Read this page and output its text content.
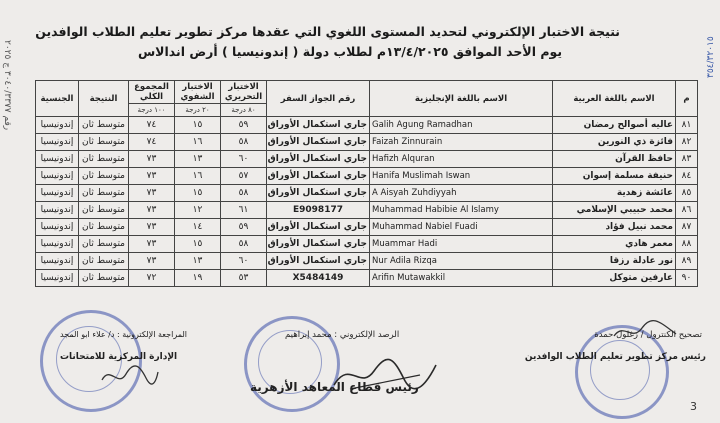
٣٥٤/٣٢٠١٥
رقم ٣٠٤٠/٣٣٧٧ ج ٢٠٢٥
نتيجة الاختبار الإلكتروني لتحديد المستوى اللغوي التي عقدها مركز تطوير تعليم الطلاب الوافدين
يوم الأحد الموافق ١٣/٤/٢٠٢٥م لطلاب دولة ( إندونيسيا ) أرض اندالاس
م	الاسم باللغة العربية	الاسم باللغة الإنجليزية	رقم الجواز السفر	الاختبار التحريري	الاختبار الشفوي	المجموع الكلي	النتيجة	الجنسية
				٨٠ درجة	٢٠ درجة	١٠٠ درجة		
٨١	عاليه أصوالح رمضان	Galih Agung Ramadhan	جاري استكمال الأوراق	٥٩	١٥	٧٤	متوسط ثان	إندونيسيا
٨٢	فائزة ذي النورين	Faizah Zinnurain	جاري استكمال الأوراق	٥٨	١٦	٧٤	متوسط ثان	إندونيسيا
٨٣	حافظ القرآن	Hafizh Alquran	جاري استكمال الأوراق	٦٠	١٣	٧٣	متوسط ثان	إندونيسيا
٨٤	حنيفة مسلمة إسوان	Hanifa Muslimah Iswan	جاري استكمال الأوراق	٥٧	١٦	٧٣	متوسط ثان	إندونيسيا
٨٥	عائشة زهدية	A Aisyah Zuhdiyyah	جاري استكمال الأوراق	٥٨	١٥	٧٣	متوسط ثان	إندونيسيا
٨٦	محمد حبيبي الإسلامي	Muhammad Habibie Al Islamy	E9098177	٦١	١٢	٧٣	متوسط ثان	إندونيسيا
٨٧	محمد نبيل فؤاد	Muhammad Nabiel Fuadi	جاري استكمال الأوراق	٥٩	١٤	٧٣	متوسط ثان	إندونيسيا
٨٨	معمر هادي	Muammar Hadi	جاري استكمال الأوراق	٥٨	١٥	٧٣	متوسط ثان	إندونيسيا
٨٩	نور عادلة رزقا	Nur Adila Rizqa	جاري استكمال الأوراق	٦٠	١٣	٧٣	متوسط ثان	إندونيسيا
٩٠	عارفين متوكل	Arifin Mutawakkil	X5484149	٥٣	١٩	٧٢	متوسط ثان	إندونيسيا
تصحيح الكنترول / زغلول حمدة
رئيس مركز تطوير تعليم الطلاب الوافدين
الرصد الإلكتروني : محمد إبراهيم
المراجعة الإلكترونية : د/ علاء ابو المجد
الإدارة المركزية للامتحانات
رئيس قطاع المعاهد الأزهرية
3
